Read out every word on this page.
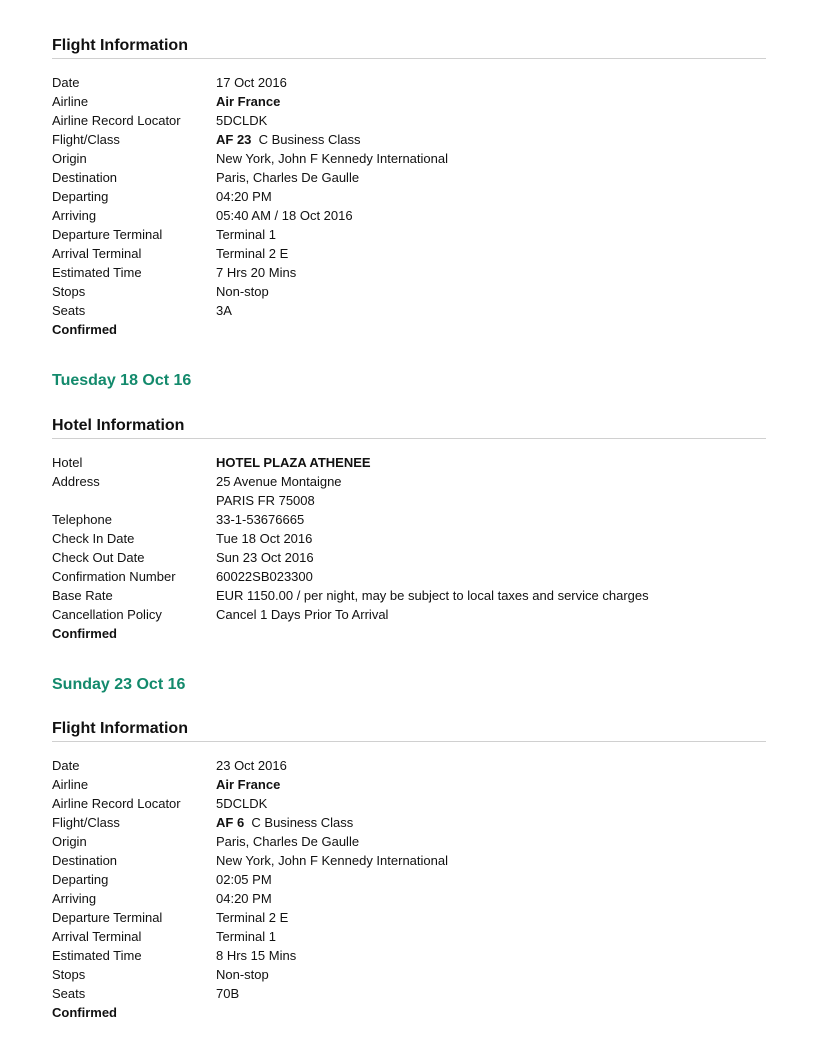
Flight Information
Date	17 Oct 2016
Airline	Air France
Airline Record Locator	5DCLDK
Flight/Class	AF 23 C Business Class
Origin	New York, John F Kennedy International
Destination	Paris, Charles De Gaulle
Departing	04:20 PM
Arriving	05:40 AM / 18 Oct 2016
Departure Terminal	Terminal 1
Arrival Terminal	Terminal 2 E
Estimated Time	7 Hrs 20 Mins
Stops	Non-stop
Seats	3A
Confirmed
Tuesday 18 Oct 16
Hotel Information
Hotel	HOTEL PLAZA ATHENEE
Address	25 Avenue Montaigne
PARIS FR 75008
Telephone	33-1-53676665
Check In Date	Tue 18 Oct 2016
Check Out Date	Sun 23 Oct 2016
Confirmation Number	60022SB023300
Base Rate	EUR 1150.00 / per night, may be subject to local taxes and service charges
Cancellation Policy	Cancel 1 Days Prior To Arrival
Confirmed
Sunday 23 Oct 16
Flight Information
Date	23 Oct 2016
Airline	Air France
Airline Record Locator	5DCLDK
Flight/Class	AF 6 C Business Class
Origin	Paris, Charles De Gaulle
Destination	New York, John F Kennedy International
Departing	02:05 PM
Arriving	04:20 PM
Departure Terminal	Terminal 2 E
Arrival Terminal	Terminal 1
Estimated Time	8 Hrs 15 Mins
Stops	Non-stop
Seats	70B
Confirmed
